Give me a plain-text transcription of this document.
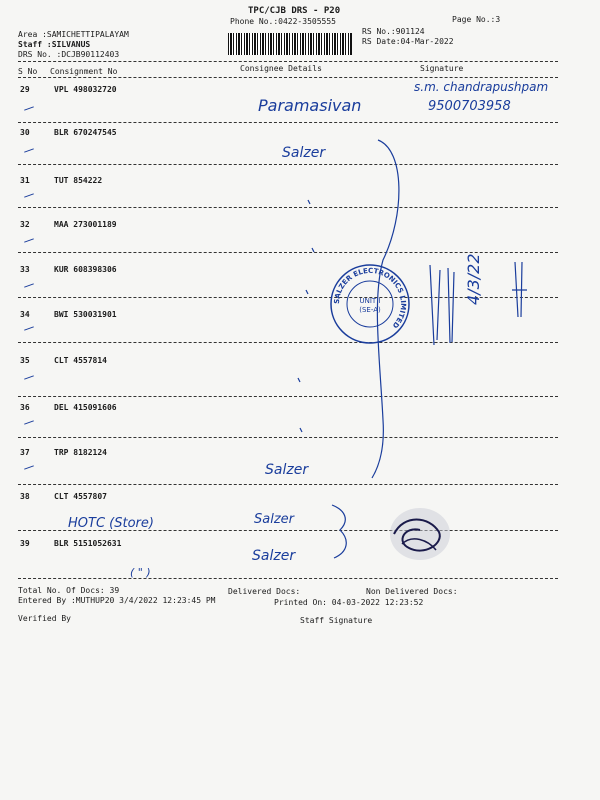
TPC/CJB DRS - P20
Phone No.:0422-3505555	Page No.:3
Area :SAMICHETTIPALAYAM
Staff :SILVANUS
DRS No. :DCJB90112403
RS No.:901124
RS Date:04-Mar-2022
S No Consignment No	Consignee Details	Signature
29	VPL 498032720
30	BLR 670247545
31	TUT 854222
32	MAA 273001189
33	KUR 608398306
34	BWI 530031901
35	CLT 4557814
36	DEL 415091606
37	TRP 8182124
38	CLT 4557807
39	BLR 5151052631
s.m. chandrapushpam
Paramasivan	9500703958
Salzer
Salzer
Salzer
Salzer
HOTC (Store)
( " )
4/3/22
SALZER ELECTRONICS LIMITED
UNIT I
(SE-A)
Total No. Of Docs: 39	Delivered Docs:	Non Delivered Docs:
Entered By :MUTHUP20 3/4/2022 12:23:45 PM	Printed On: 04-03-2022 12:23:52
Verified By	Staff Signature
